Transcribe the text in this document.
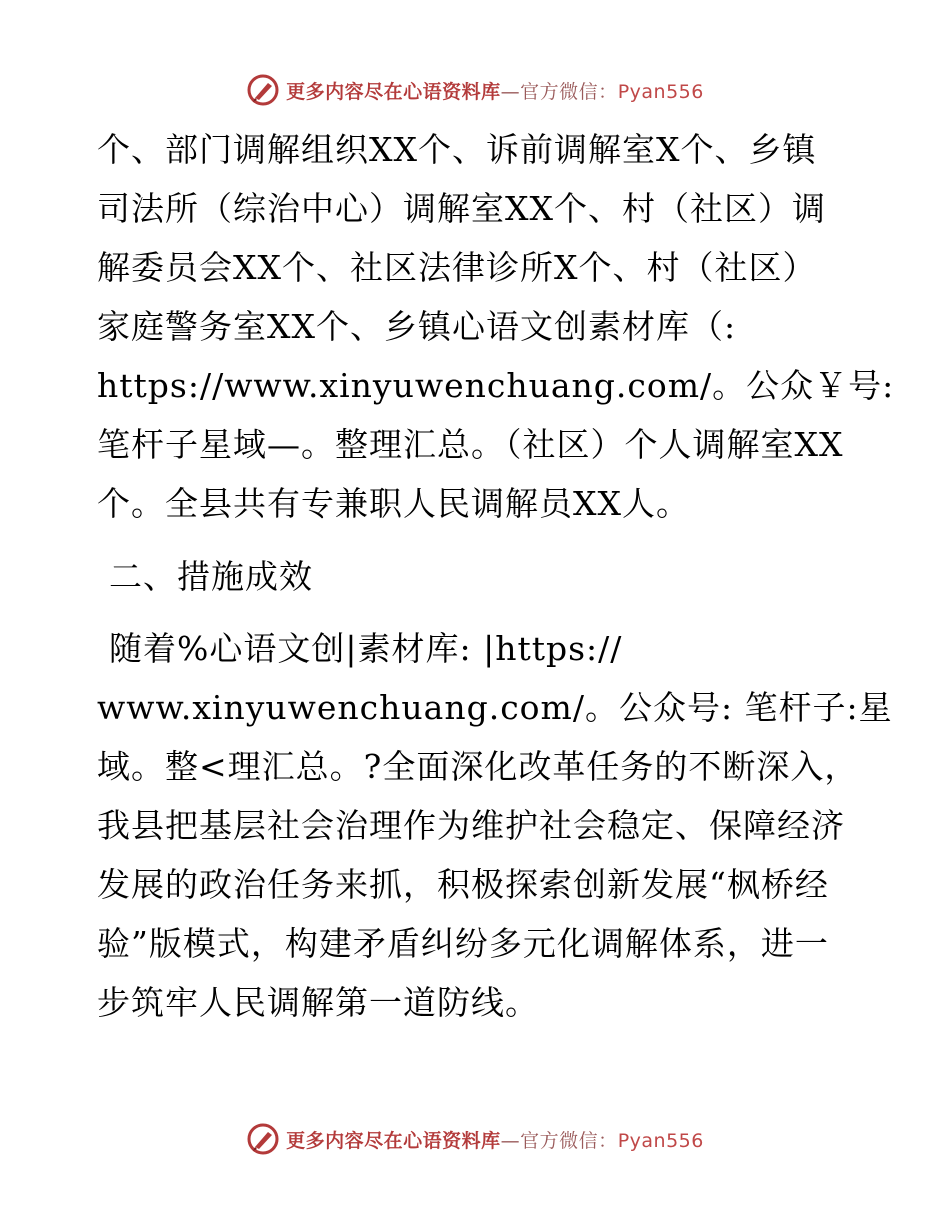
更多内容尽在心语资料库—官方微信：Pyan556
个、部门调解组织XX个、诉前调解室X个、乡镇
司法所（综治中心）调解室XX个、村（社区）调
解委员会XX个、社区法律诊所X个、村（社区）
家庭警务室XX个、乡镇心语文创素材库（:
https://www.xinyuwenchuang.com/。公众￥号:
笔杆子星域—。整理汇总。（社区）个人调解室XX
个。全县共有专兼职人民调解员XX人。
二、措施成效
随着%心语文创|素材库: |https://
www.xinyuwenchuang.com/。公众号: 笔杆子:星
域。整<理汇总。?全面深化改革任务的不断深入，
我县把基层社会治理作为维护社会稳定、保障经济
发展的政治任务来抓，积极探索创新发展“枫桥经
验”版模式，构建矛盾纠纷多元化调解体系，进一
步筑牢人民调解第一道防线。
更多内容尽在心语资料库—官方微信：Pyan556
